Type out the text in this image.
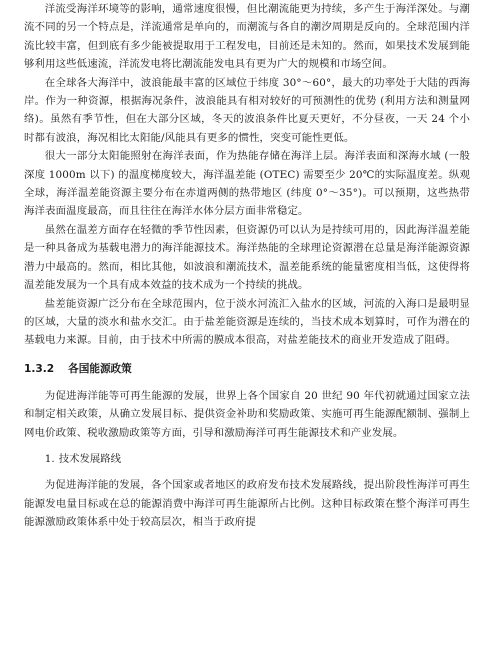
洋流受海洋环境等的影响，通常速度很慢，但比潮流能更为持续，多产生于海洋深处。与潮流不同的另一个特点是，洋流通常是单向的，而潮流与各自的潮汐周期是反向的。全球范围内洋流比较丰富，但到底有多少能被提取用于工程发电，目前还是未知的。然而，如果技术发展到能够利用这些低速流，洋流发电将比潮流能发电具有更为广大的规模和市场空间。

在全球各大海洋中，波浪能最丰富的区域位于纬度 30°～60°，最大的功率处于大陆的西海岸。作为一种资源，根据海况条件，波浪能具有相对较好的可预测性的优势 (利用方法和测量网络)。虽然有季节性，但在大部分区域，冬天的波浪条件比夏天更好，不分昼夜，一天 24 个小时都有波浪，海况相比太阳能/风能具有更多的惯性，突变可能性更低。

很大一部分太阳能照射在海洋表面，作为热能存储在海洋上层。海洋表面和深海水域 (一般深度 1000m 以下) 的温度梯度较大，海洋温差能 (OTEC) 需要至少 20℃的实际温度差。纵观全球，海洋温差能资源主要分布在赤道两侧的热带地区 (纬度 0°～35°)。可以预期，这些热带海洋表面温度最高，而且往往在海洋水体分层方面非常稳定。

虽然在温差方面存在轻微的季节性因素，但资源仍可以认为是持续可用的，因此海洋温差能是一种具备成为基载电潜力的海洋能源技术。海洋热能的全球理论资源潜在总量是海洋能源资源潜力中最高的。然而，相比其他，如波浪和潮流技术，温差能系统的能量密度相当低，这使得将温差能发展为一个具有成本效益的技术成为一个持续的挑战。

盐差能资源广泛分布在全球范围内，位于淡水河流汇入盐水的区域，河流的入海口是最明显的区域，大量的淡水和盐水交汇。由于盐差能资源是连续的，当技术成本划算时，可作为潜在的基载电力来源。目前，由于技术中所需的膜成本很高，对盐差能技术的商业开发造成了阻碍。

1.3.2 各国能源政策

为促进海洋能等可再生能源的发展，世界上各个国家自 20 世纪 90 年代初就通过国家立法和制定相关政策，从确立发展目标、提供资金补助和奖励政策、实施可再生能源配额制、强制上网电价政策、税收激励政策等方面，引导和激励海洋可再生能源技术和产业发展。

1. 技术发展路线

为促进海洋能的发展，各个国家或者地区的政府发布技术发展路线，提出阶段性海洋可再生能源发电量目标或在总的能源消费中海洋可再生能源所占比例。这种目标政策在整个海洋可再生能源激励政策体系中处于较高层次，相当于政府提
